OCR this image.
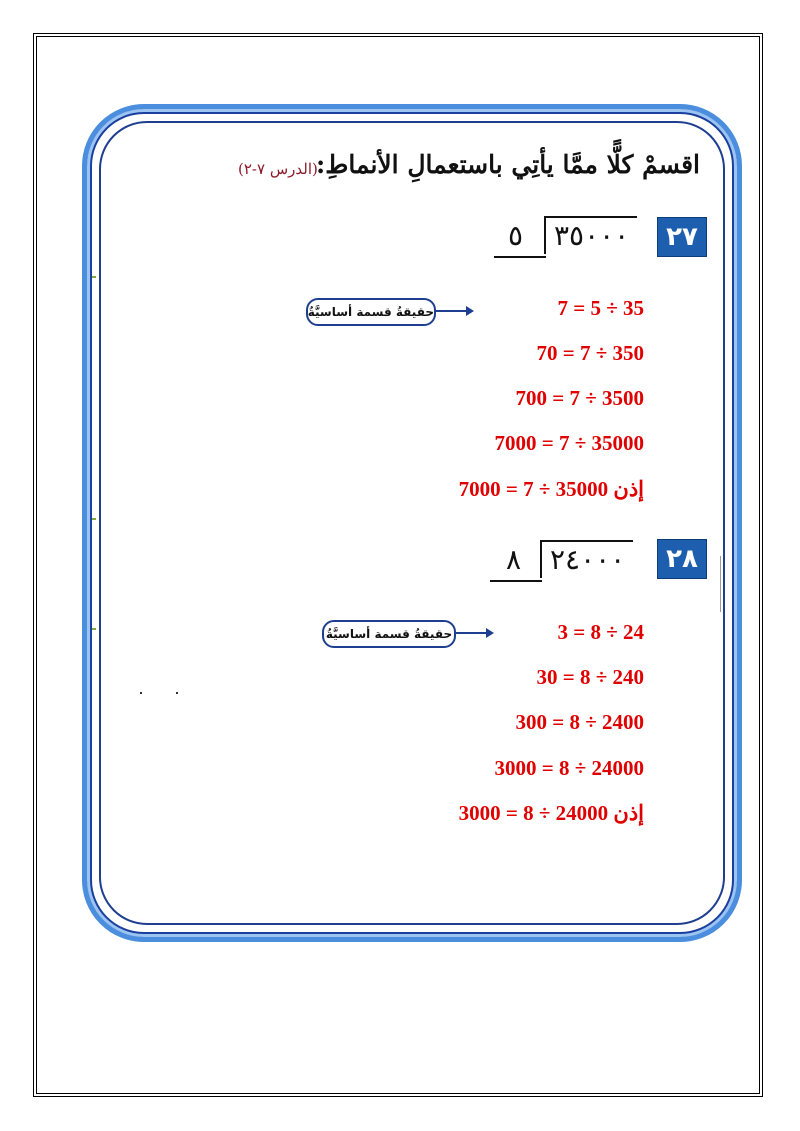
اقسمْ كلًّا ممَّا يأتِي باستعمالِ الأنماطِ:
(الدرس ٧-٢)
٢٧
٥	٣٥٠٠٠
حقيقةُ قسمة أساسيَّةُ	7 = 5 ÷ 35
70 = 7 ÷ 350
700 = 7 ÷ 3500
7000 = 7 ÷ 35000
إذن 35000 ÷ 7 = 7000
٢٨
٨	٢٤٠٠٠
حقيقةُ قسمة أساسيَّةُ	3 = 8 ÷ 24
30 = 8 ÷ 240
300 = 8 ÷ 2400
3000 = 8 ÷ 24000
إذن 24000 ÷ 8 = 3000
